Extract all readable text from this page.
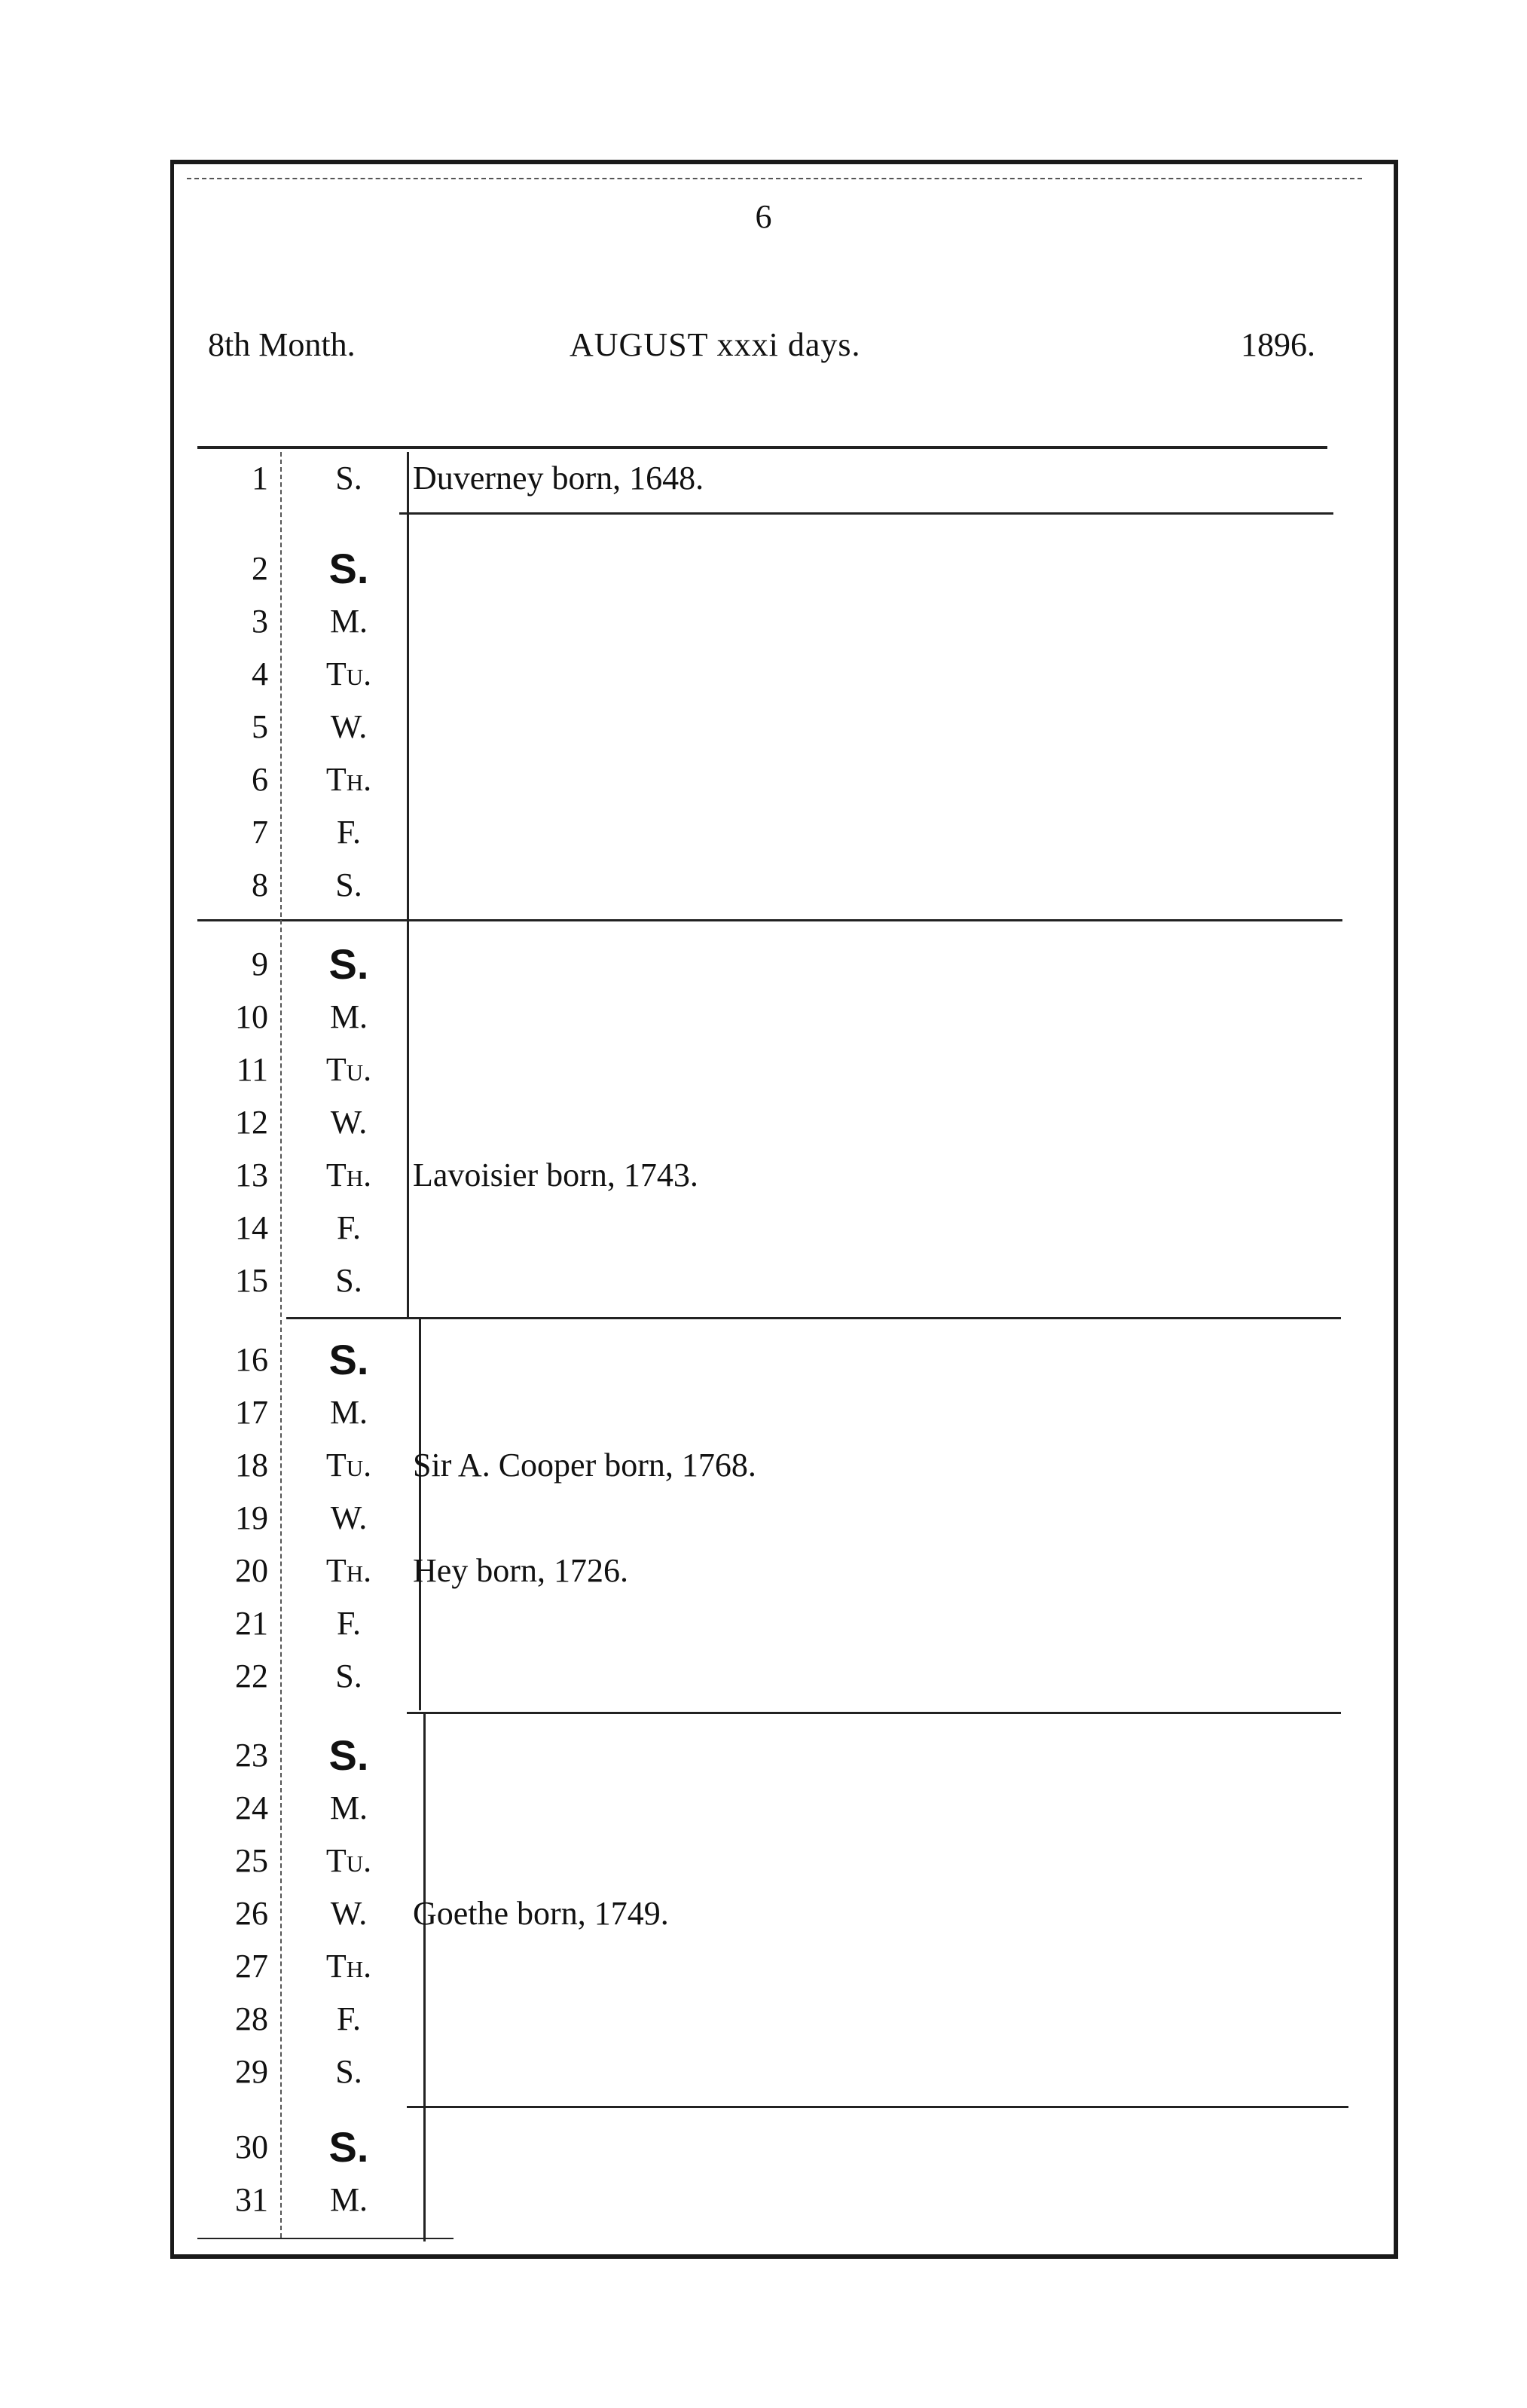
6
8th Month.	AUGUST xxxi days.	1896.
1	S.	Duverney born, 1648.
2	S.
3	M.
4	Tu.
5	W.
6	Th.
7	F.
8	S.
9	S.
10	M.
11	Tu.
12	W.
13	Th.	Lavoisier born, 1743.
14	F.
15	S.
16	S.
17	M.
18	Tu.	Sir A. Cooper born, 1768.
19	W.
20	Th.	Hey born, 1726.
21	F.
22	S.
23	S.
24	M.
25	Tu.
26	W.	Goethe born, 1749.
27	Th.
28	F.
29	S.
30	S.
31	M.
